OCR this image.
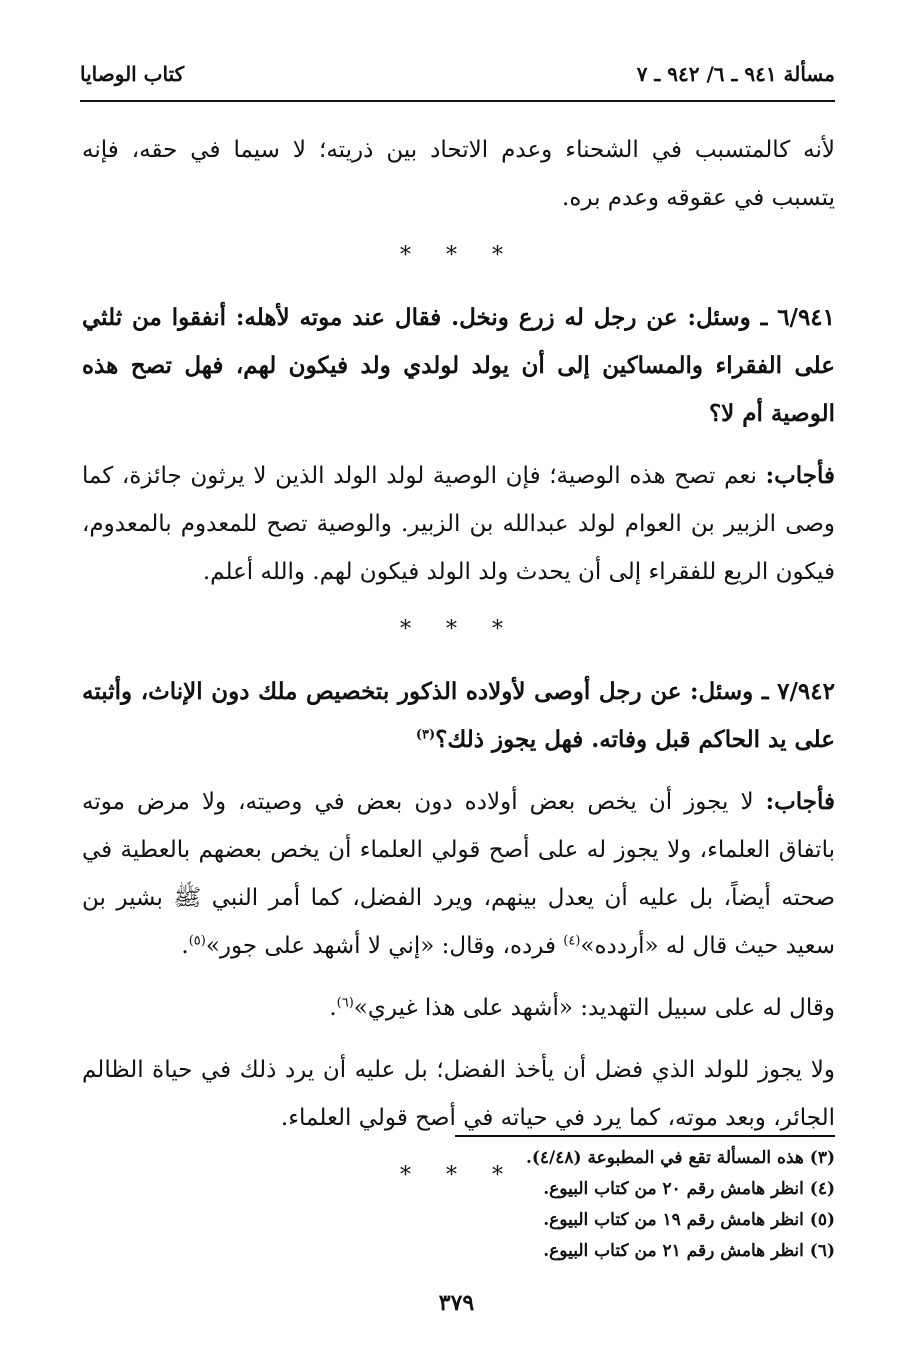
كتاب الوصايا	مسألة ٩٤١ ـ ٦/ ٩٤٢ ـ ٧

لأنه كالمتسبب في الشحناء وعدم الاتحاد بين ذريته؛ لا سيما في حقه، فإنه يتسبب في عقوقه وعدم بره.

* * *

٦/٩٤١ ـ وسئل: عن رجل له زرع ونخل. فقال عند موته لأهله: أنفقوا من ثلثي على الفقراء والمساكين إلى أن يولد لولدي ولد فيكون لهم، فهل تصح هذه الوصية أم لا؟

فأجاب: نعم تصح هذه الوصية؛ فإن الوصية لولد الولد الذين لا يرثون جائزة، كما وصى الزبير بن العوام لولد عبدالله بن الزبير. والوصية تصح للمعدوم بالمعدوم، فيكون الريع للفقراء إلى أن يحدث ولد الولد فيكون لهم. والله أعلم.

* * *

٧/٩٤٢ ـ وسئل: عن رجل أوصى لأولاده الذكور بتخصيص ملك دون الإناث، وأثبته على يد الحاكم قبل وفاته. فهل يجوز ذلك؟$^{(٣)}$

فأجاب: لا يجوز أن يخص بعض أولاده دون بعض في وصيته، ولا مرض موته باتفاق العلماء، ولا يجوز له على أصح قولي العلماء أن يخص بعضهم بالعطية في صحته أيضاً، بل عليه أن يعدل بينهم، ويرد الفضل، كما أمر النبي ﷺ بشير بن سعيد حيث قال له «أردده»$^{(٤)}$ فرده، وقال: «إني لا أشهد على جور»$^{(٥)}$.

وقال له على سبيل التهديد: «أشهد على هذا غيري»$^{(٦)}$.

ولا يجوز للولد الذي فضل أن يأخذ الفضل؛ بل عليه أن يرد ذلك في حياة الظالم الجائر، وبعد موته، كما يرد في حياته في أصح قولي العلماء.

* * *
(٣) هذه المسألة تقع في المطبوعة (٤/٤٨).
(٤) انظر هامش رقم ٢٠ من كتاب البيوع.
(٥) انظر هامش رقم ١٩ من كتاب البيوع.
(٦) انظر هامش رقم ٢١ من كتاب البيوع.
٣٧٩
